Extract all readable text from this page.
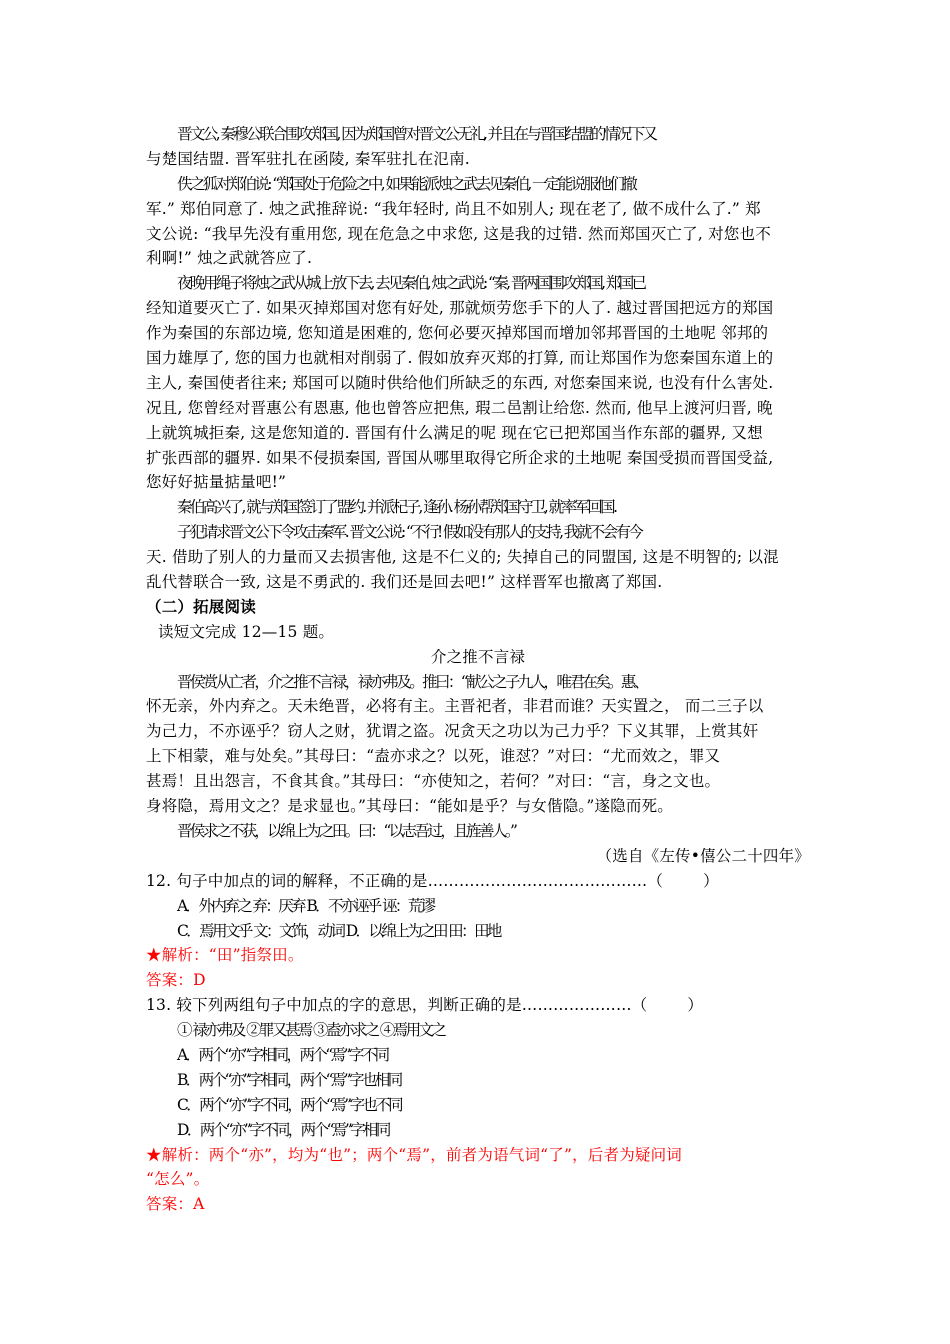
晋文公, 秦穆公联合围攻郑国, 因为郑国曾对晋文公无礼, 并且在与晋国结盟的情况下又
与楚国结盟. 晋军驻扎在函陵, 秦军驻扎在氾南.
佚之狐对郑伯说: “郑国处于危险之中, 如果能派烛之武去见秦伯, 一定能说服他们撤
军.” 郑伯同意了. 烛之武推辞说: “我年轻时, 尚且不如别人; 现在老了, 做不成什么了.” 郑
文公说: “我早先没有重用您, 现在危急之中求您, 这是我的过错. 然而郑国灭亡了, 对您也不
利啊!” 烛之武就答应了.
夜晚用绳子将烛之武从城上放下去, 去见秦伯, 烛之武说: “秦, 晋两国围攻郑国, 郑国已
经知道要灭亡了. 如果灭掉郑国对您有好处, 那就烦劳您手下的人了. 越过晋国把远方的郑国
作为秦国的东部边境, 您知道是困难的, 您何必要灭掉郑国而增加邻邦晋国的土地呢 邻邦的
国力雄厚了, 您的国力也就相对削弱了. 假如放弃灭郑的打算, 而让郑国作为您秦国东道上的
主人, 秦国使者往来; 郑国可以随时供给他们所缺乏的东西, 对您秦国来说, 也没有什么害处.
况且, 您曾经对晋惠公有恩惠, 他也曾答应把焦, 瑕二邑割让给您. 然而, 他早上渡河归晋, 晚
上就筑城拒秦, 这是您知道的. 晋国有什么满足的呢 现在它已把郑国当作东部的疆界, 又想
扩张西部的疆界. 如果不侵损秦国, 晋国从哪里取得它所企求的土地呢 秦国受损而晋国受益,
您好好掂量掂量吧!”
秦伯高兴了, 就与郑国签订了盟约. 并派杞子, 逢孙. 杨孙帮郑国守卫, 就率军回国.
子犯请求晋文公下令攻击秦军. 晋文公说: “不行! 假如没有那人的支持, 我就不会有今
天. 借助了别人的力量而又去损害他, 这是不仁义的; 失掉自己的同盟国, 这是不明智的; 以混
乱代替联合一致, 这是不勇武的. 我们还是回去吧!” 这样晋军也撤离了郑国.
（二）拓展阅读
读短文完成 12—15 题。
介之推不言禄
晋侯赏从亡者，介之推不言禄，禄亦弗及。推曰：“献公之子九人，唯君在矣。惠、
怀无亲，外内弃之。天未绝晋，必将有主。主晋祀者，非君而谁？天实置之， 而二三子以
为己力，不亦诬乎？窃人之财，犹谓之盗。况贪天之功以为己力乎？下义其罪，上赏其奸
上下相蒙，难与处矣。”其母曰：“盍亦求之？以死，谁怼？”对曰：“尤而效之，罪又
甚焉！且出怨言，不食其食。”其母曰：“亦使知之，若何？”对曰：“言，身之文也。
身将隐，焉用文之？是求显也。”其母曰：“能如是乎？与女偕隐。”遂隐而死。
晋侯求之不获，以绵上为之田。曰：“以志吾过，且旌善人。”
（选自《左传•僖公二十四年》
12. 句子中加点的词的解释，不正确的是……………………………………（	）
A．外内弃之 弃：厌弃 B．不亦诬乎 诬：荒谬
C．焉用文乎 文：文饰，动词 D．以绵上为之田 田：田地
★解析：“田”指祭田。
答案：D
13. 较下列两组句子中加点的字的意思，判断正确的是…………………（	）
① 禄亦弗及 ②罪又甚焉 ③盍亦求之 ④焉用文之
A．两个“亦”字相同，两个“焉”字不同
B．两个“亦”字相同，两个“焉”字也相同
C．两个“亦”字不同，两个“焉”字也不同
D．两个“亦”字不同，两个“焉”字相同
★解析：两个“亦”，均为“也”；两个“焉”，前者为语气词“了”，后者为疑问词
“怎么”。
答案：A
